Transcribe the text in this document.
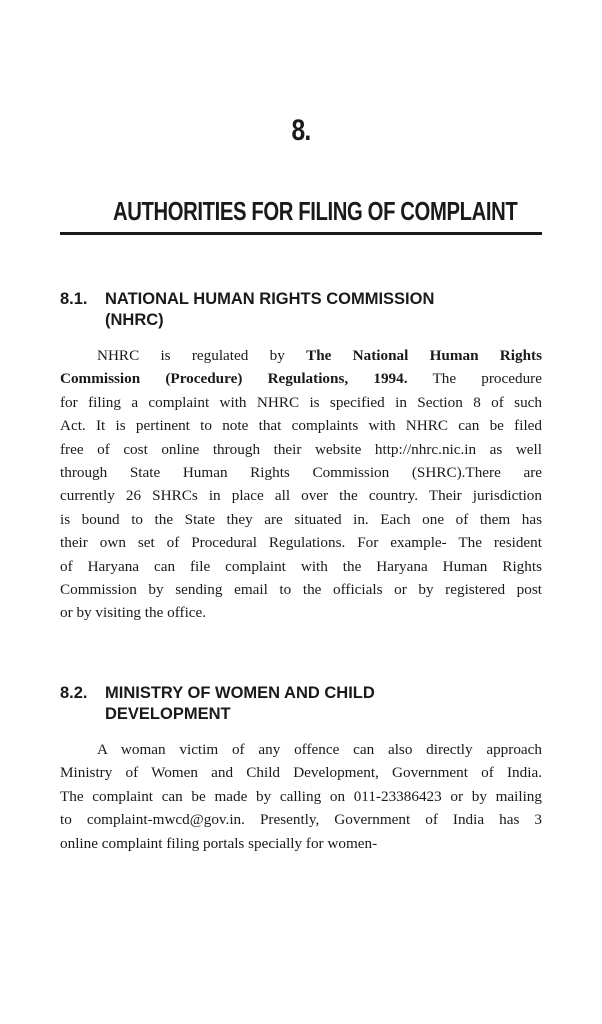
8.
AUTHORITIES FOR FILING OF COMPLAINT
8.1. NATIONAL HUMAN RIGHTS COMMISSION
(NHRC)
NHRC is regulated by The National Human Rights
Commission (Procedure) Regulations, 1994. The procedure
for filing a complaint with NHRC is specified in Section 8 of such
Act. It is pertinent to note that complaints with NHRC can be filed
free of cost online through their website http://nhrc.nic.in as well
through State Human Rights Commission (SHRC).There are
currently 26 SHRCs in place all over the country. Their jurisdiction
is bound to the State they are situated in. Each one of them has
their own set of Procedural Regulations. For example- The resident
of Haryana can file complaint with the Haryana Human Rights
Commission by sending email to the officials or by registered post
or by visiting the office.
8.2. MINISTRY OF WOMEN AND CHILD
DEVELOPMENT
A woman victim of any offence can also directly approach
Ministry of Women and Child Development, Government of India.
The complaint can be made by calling on 011-23386423 or by mailing
to complaint-mwcd@gov.in. Presently, Government of India has 3
online complaint filing portals specially for women-
